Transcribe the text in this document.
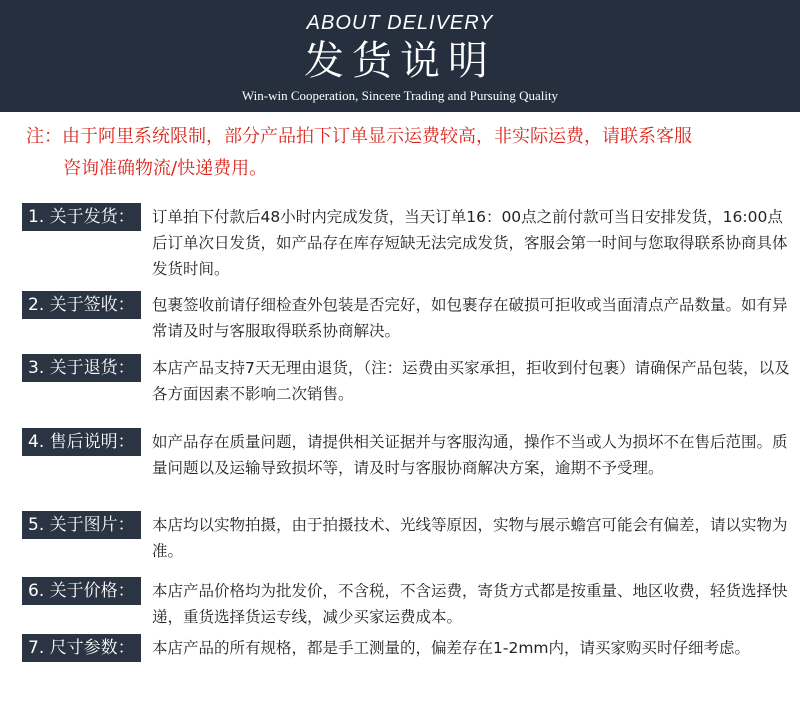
ABOUT DELIVERY
发货说明
Win-win Cooperation, Sincere Trading and Pursuing Quality
注：由于阿里系统限制，部分产品拍下订单显示运费较高，非实际运费，请联系客服
咨询准确物流/快递费用。
1. 关于发货：	订单拍下付款后48小时内完成发货，当天订单16：00点之前付款可当日安排发货，16:00点后订单次日发货，如产品存在库存短缺无法完成发货，客服会第一时间与您取得联系协商具体发货时间。
2. 关于签收：	包裹签收前请仔细检查外包装是否完好，如包裹存在破损可拒收或当面清点产品数量。如有异常请及时与客服取得联系协商解决。
3. 关于退货：	本店产品支持7天无理由退货，（注：运费由买家承担，拒收到付包裹）请确保产品包装，以及各方面因素不影响二次销售。
4. 售后说明：	如产品存在质量问题，请提供相关证据并与客服沟通，操作不当或人为损坏不在售后范围。质量问题以及运输导致损坏等，请及时与客服协商解决方案，逾期不予受理。
5. 关于图片：	本店均以实物拍摄，由于拍摄技术、光线等原因，实物与展示蟾宫可能会有偏差，请以实物为准。
6. 关于价格：	本店产品价格均为批发价，不含税，不含运费，寄货方式都是按重量、地区收费，轻货选择快递，重货选择货运专线，减少买家运费成本。
7. 尺寸参数：	本店产品的所有规格，都是手工测量的，偏差存在1-2mm内，请买家购买时仔细考虑。
